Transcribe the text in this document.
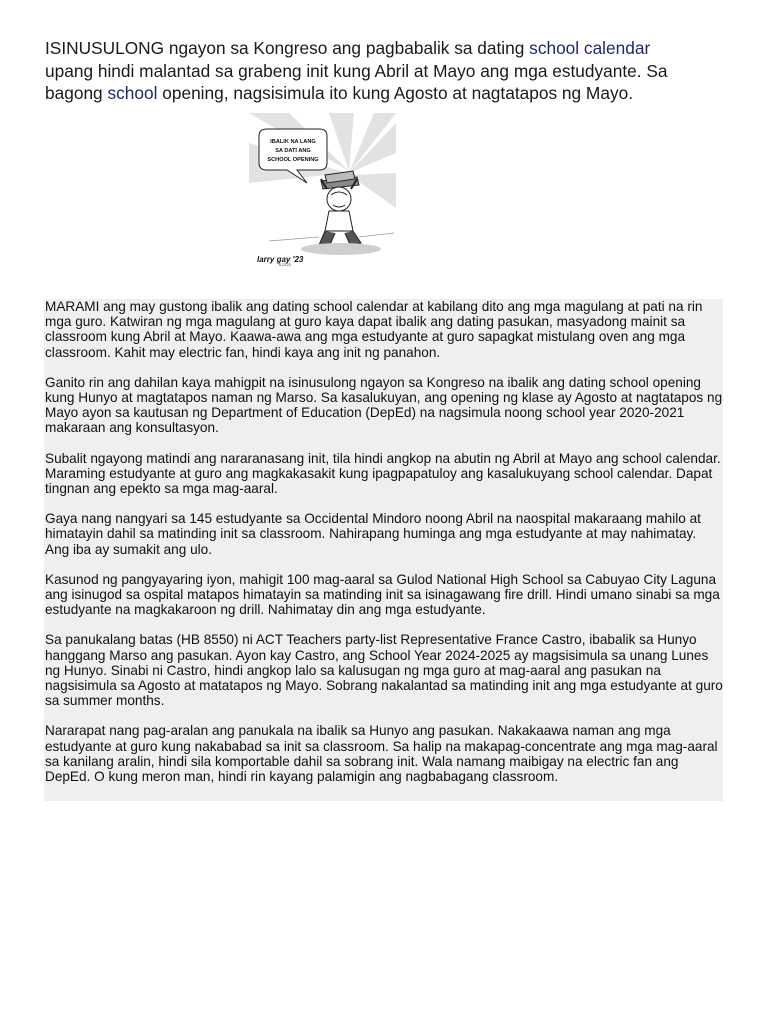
ISINUSULONG ngayon sa Kongreso ang pagbabalik sa dating school calendar upang hindi malantad sa grabeng init kung Abril at Mayo ang mga estudyante. Sa bagong school opening, nagsisimula ito kung Agosto at nagtatapos ng Mayo.

IBALIK NA LANG
SA DATI ANG
SCHOOL OPENING
larry gay '23
6.23.23

MARAMI ang may gustong ibalik ang dating school calendar at kabilang dito ang mga magulang at pati na rin mga guro. Katwiran ng mga magulang at guro kaya dapat ibalik ang dating pasukan, masyadong mainit sa classroom kung Abril at Mayo. Kaawa-awa ang mga estudyante at guro sapagkat mistulang oven ang mga classroom. Kahit may electric fan, hindi kaya ang init ng panahon.

Ganito rin ang dahilan kaya mahigpit na isinusulong ngayon sa Kongreso na ibalik ang dating school opening kung Hunyo at magtatapos naman ng Marso. Sa kasalukuyan, ang opening ng klase ay Agosto at nagtatapos ng Mayo ayon sa kautusan ng Department of Education (DepEd) na nagsimula noong school year 2020-2021 makaraan ang konsultasyon.

Subalit ngayong matindi ang nararanasang init, tila hindi angkop na abutin ng Abril at Mayo ang school calendar. Maraming estudyante at guro ang magkakasakit kung ipagpapatuloy ang kasalukuyang school calendar. Dapat tingnan ang epekto sa mga mag-aaral.

Gaya nang nangyari sa 145 estudyante sa Occidental Mindoro noong Abril na naospital makaraang mahilo at himatayin dahil sa matinding init sa classroom. Nahirapang huminga ang mga estudyante at may nahimatay. Ang iba ay sumakit ang ulo.

Kasunod ng pangyayaring iyon, mahigit 100 mag-aaral sa Gulod National High School sa Cabuyao City Laguna ang isinugod sa ospital matapos himatayin sa matinding init sa isinagawang fire drill. Hindi umano sinabi sa mga estudyante na magkakaroon ng drill. Nahimatay din ang mga estudyante.

Sa panukalang batas (HB 8550) ni ACT Teachers party-list Representative France Castro, ibabalik sa Hunyo hanggang Marso ang pasukan. Ayon kay Castro, ang School Year 2024-2025 ay magsisimula sa unang Lunes ng Hunyo. Sinabi ni Castro, hindi angkop lalo sa kalusugan ng mga guro at mag-aaral ang pasukan na nagsisimula sa Agosto at matatapos ng Mayo. Sobrang nakalantad sa matinding init ang mga estudyante at guro sa summer months.

Nararapat nang pag-aralan ang panukala na ibalik sa Hunyo ang pasukan. Nakakaawa naman ang mga estudyante at guro kung nakababad sa init sa classroom. Sa halip na makapag-concentrate ang mga mag-aaral sa kanilang aralin, hindi sila komportable dahil sa sobrang init. Wala namang maibigay na electric fan ang DepEd. O kung meron man, hindi rin kayang palamigin ang nagbabagang classroom.
